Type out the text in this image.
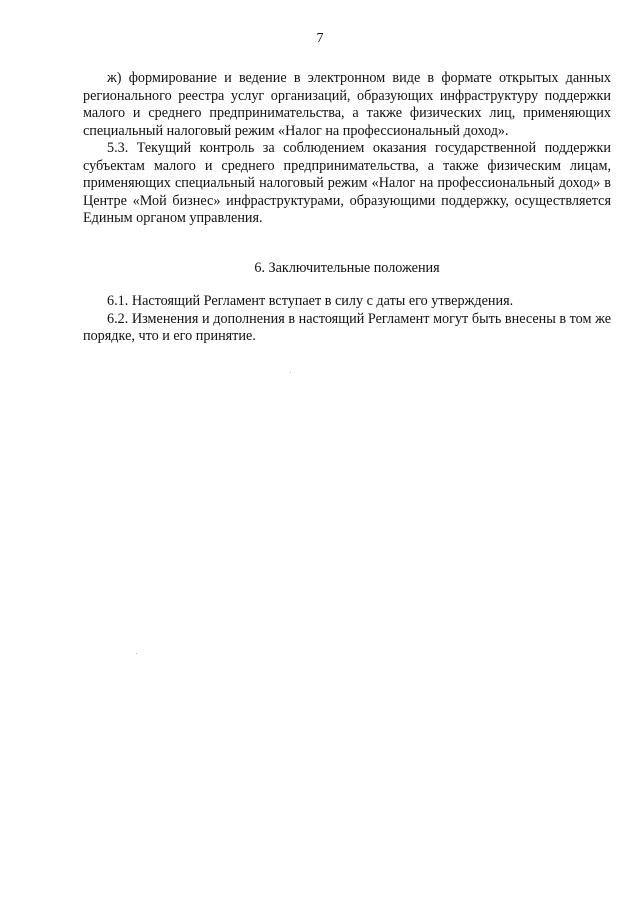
7

ж) формирование и ведение в электронном виде в формате открытых данных регионального реестра услуг организаций, образующих инфраструктуру поддержки малого и среднего предпринимательства, а также физических лиц, применяющих специальный налоговый режим «Налог на профессиональный доход».

5.3. Текущий контроль за соблюдением оказания государственной поддержки субъектам малого и среднего предпринимательства, а также физическим лицам, применяющих специальный налоговый режим «Налог на профессиональный доход» в Центре «Мой бизнес» инфраструктурами, образующими поддержку, осуществляется Единым органом управления.

6. Заключительные положения

6.1. Настоящий Регламент вступает в силу с даты его утверждения.

6.2. Изменения и дополнения в настоящий Регламент могут быть внесены в том же порядке, что и его принятие.
